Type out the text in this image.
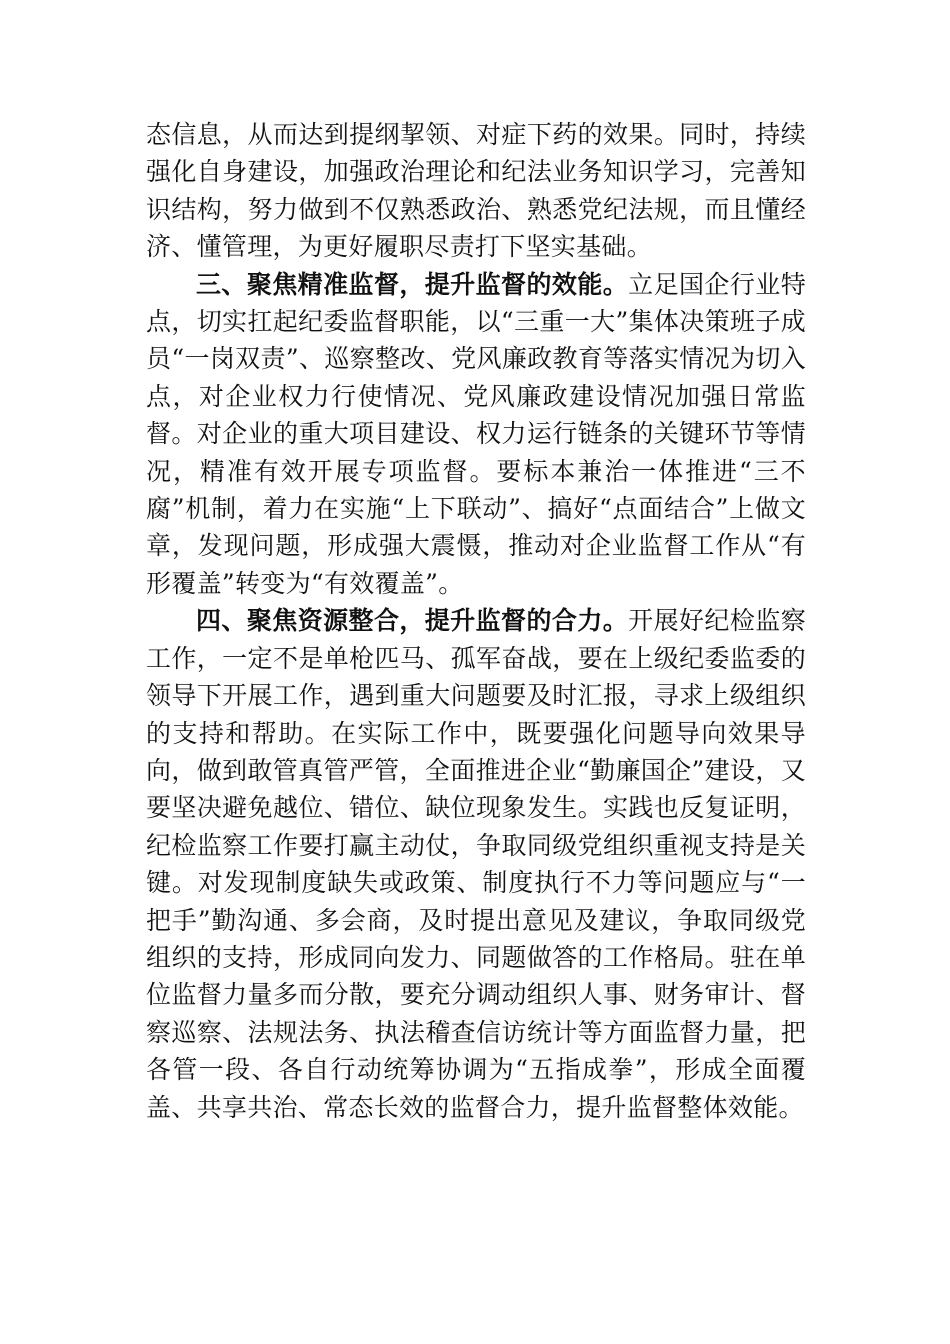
态信息，从而达到提纲挈领、对症下药的效果。同时，持续强化自身建设，加强政治理论和纪法业务知识学习，完善知识结构，努力做到不仅熟悉政治、熟悉党纪法规，而且懂经济、懂管理，为更好履职尽责打下坚实基础。

三、聚焦精准监督，提升监督的效能。立足国企行业特点，切实扛起纪委监督职能，以“三重一大”集体决策班子成员“一岗双责”、巡察整改、党风廉政教育等落实情况为切入点，对企业权力行使情况、党风廉政建设情况加强日常监督。对企业的重大项目建设、权力运行链条的关键环节等情况，精准有效开展专项监督。要标本兼治一体推进“三不腐”机制，着力在实施“上下联动”、搞好“点面结合”上做文章，发现问题，形成强大震慑，推动对企业监督工作从“有形覆盖”转变为“有效覆盖”。

四、聚焦资源整合，提升监督的合力。开展好纪检监察工作，一定不是单枪匹马、孤军奋战，要在上级纪委监委的领导下开展工作，遇到重大问题要及时汇报，寻求上级组织的支持和帮助。在实际工作中，既要强化问题导向效果导向，做到敢管真管严管，全面推进企业“勤廉国企”建设，又要坚决避免越位、错位、缺位现象发生。实践也反复证明，纪检监察工作要打赢主动仗，争取同级党组织重视支持是关键。对发现制度缺失或政策、制度执行不力等问题应与“一把手”勤沟通、多会商，及时提出意见及建议，争取同级党组织的支持，形成同向发力、同题做答的工作格局。驻在单位监督力量多而分散，要充分调动组织人事、财务审计、督察巡察、法规法务、执法稽查信访统计等方面监督力量，把各管一段、各自行动统筹协调为“五指成拳”，形成全面覆盖、共享共治、常态长效的监督合力，提升监督整体效能。
